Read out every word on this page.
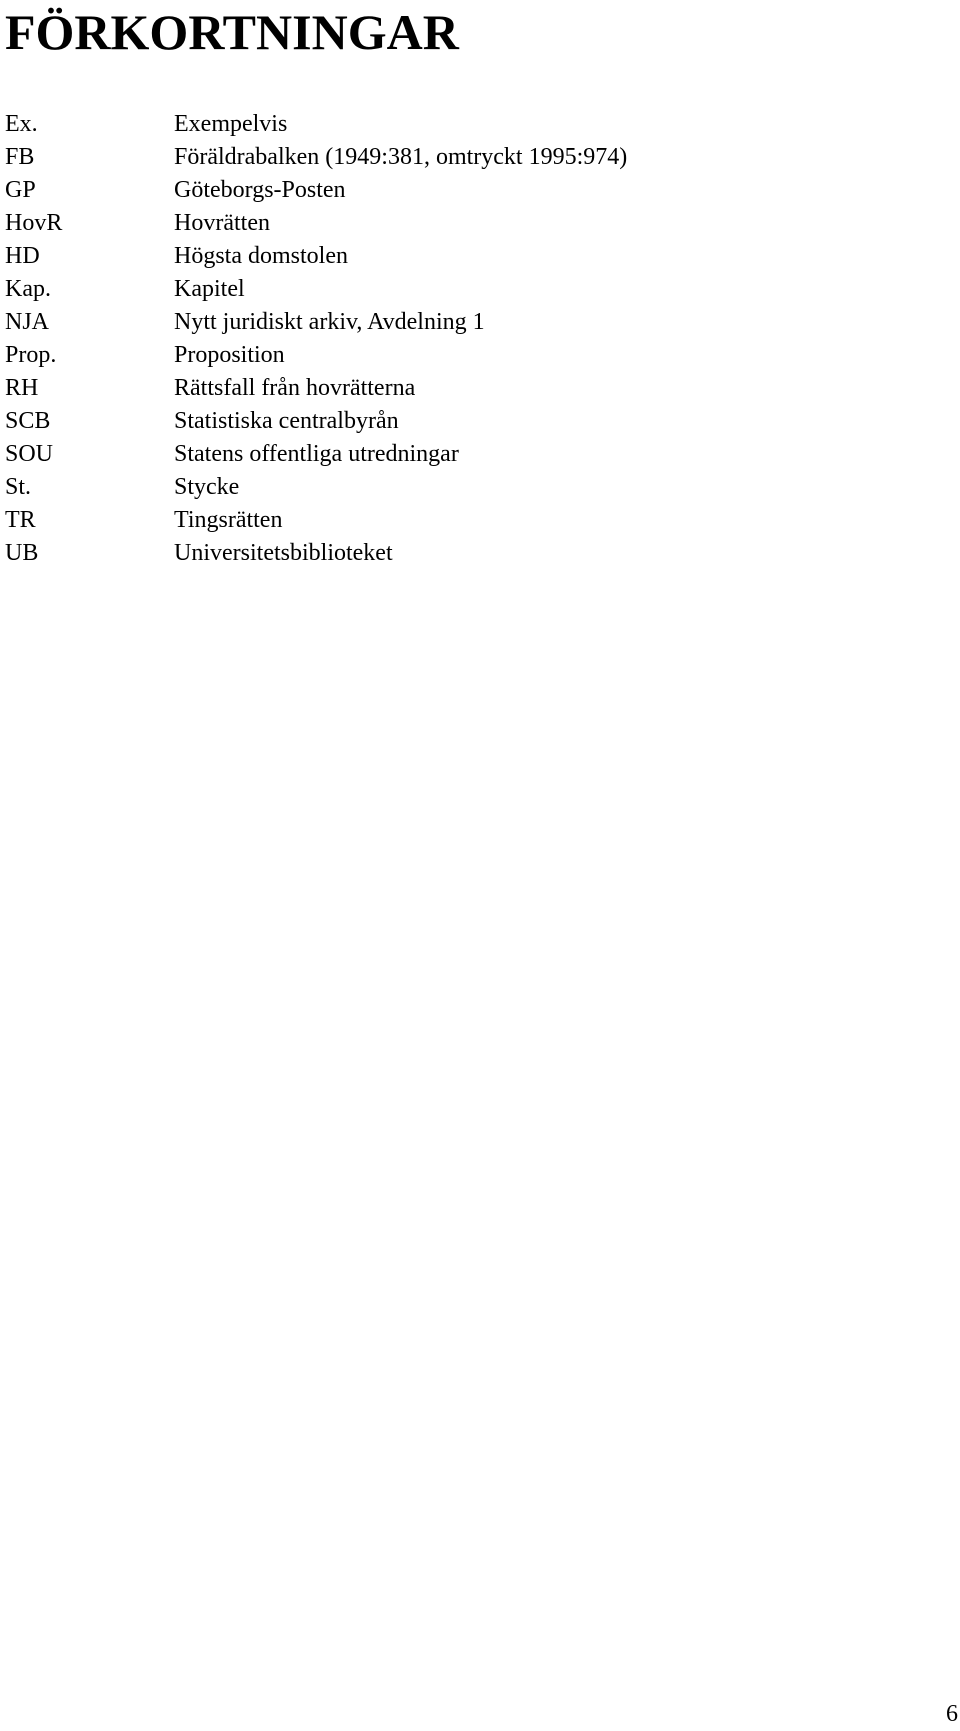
FÖRKORTNINGAR
Ex.	Exempelvis
FB	Föräldrabalken (1949:381, omtryckt 1995:974)
GP	Göteborgs-Posten
HovR	Hovrätten
HD	Högsta domstolen
Kap.	Kapitel
NJA	Nytt juridiskt arkiv, Avdelning 1
Prop.	Proposition
RH	Rättsfall från hovrätterna
SCB	Statistiska centralbyrån
SOU	Statens offentliga utredningar
St.	Stycke
TR	Tingsrätten
UB	Universitetsbiblioteket
6
